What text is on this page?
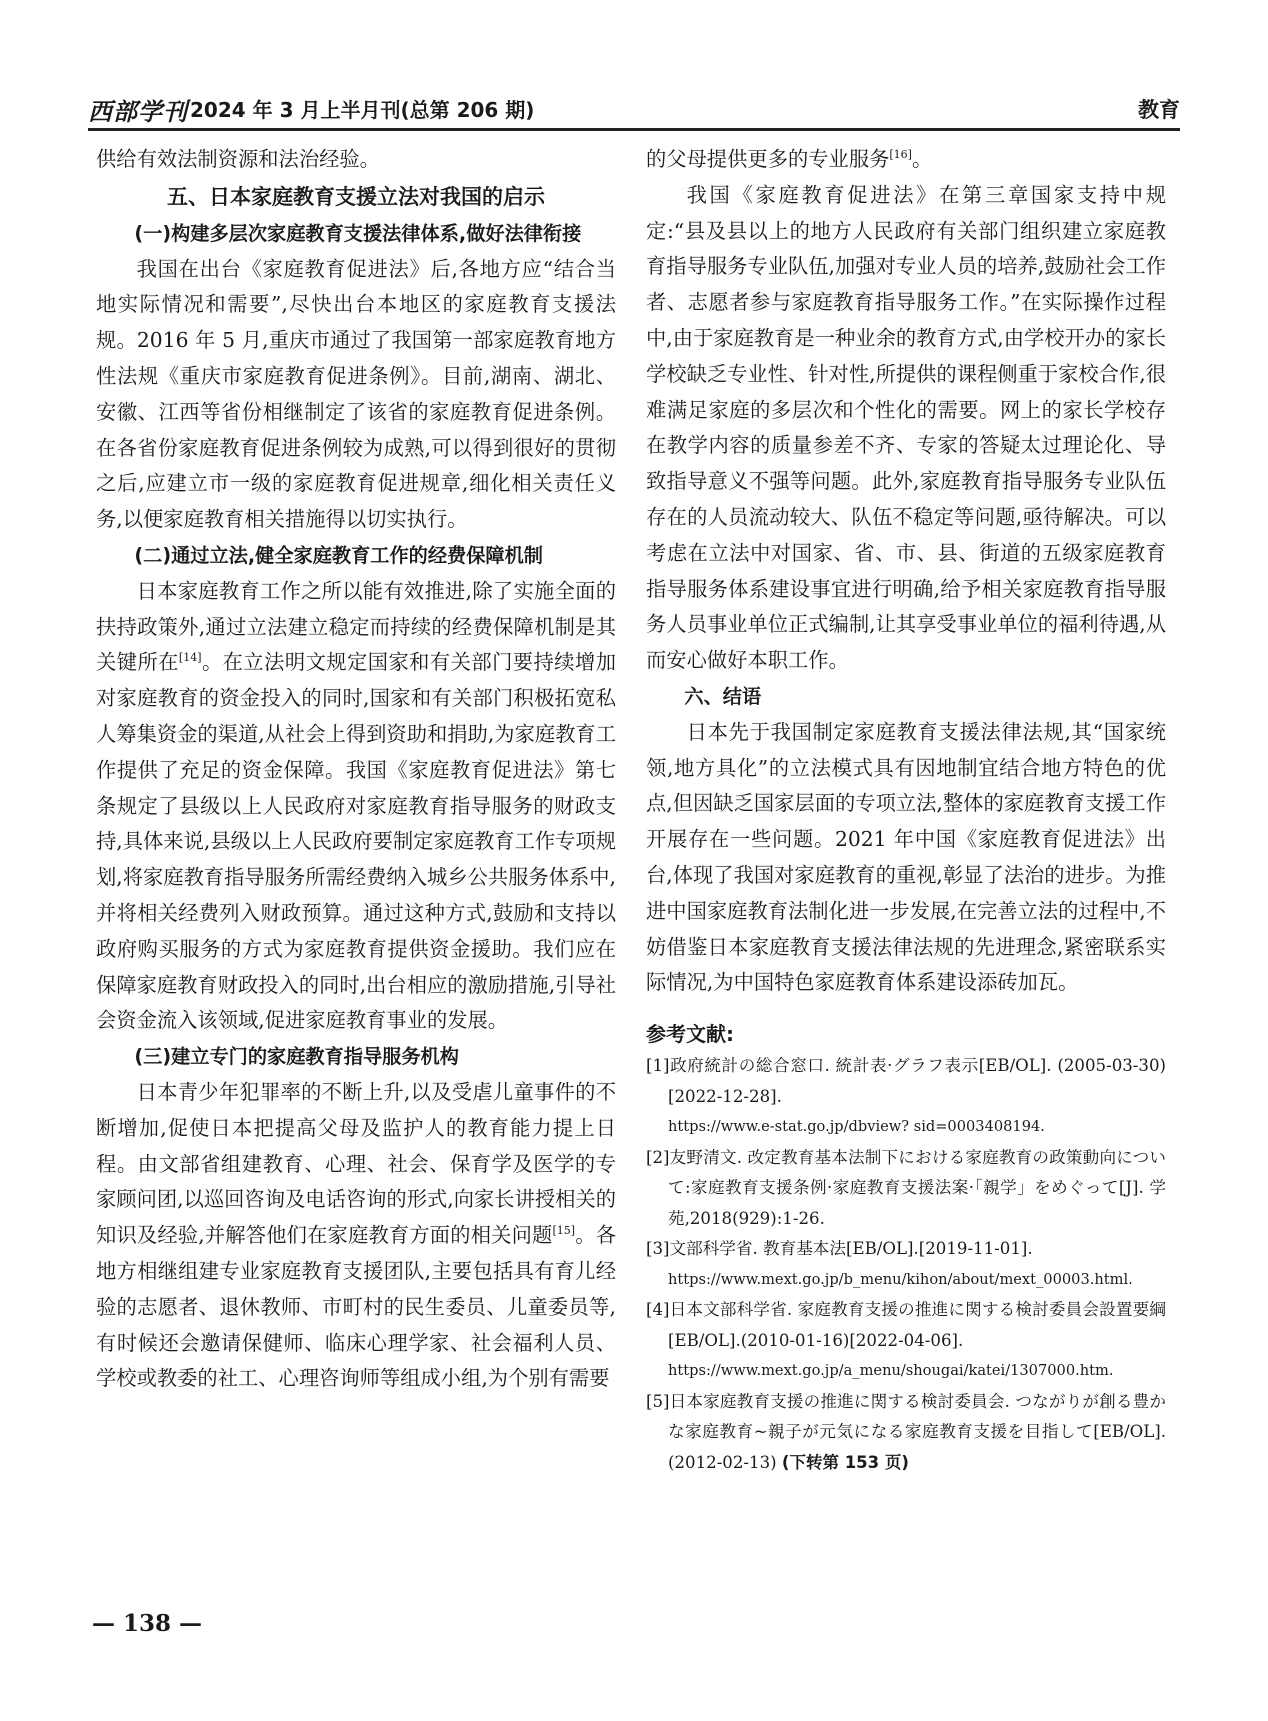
西部学刊 2024 年 3 月上半月刊(总第 206 期)	教育

供给有效法制资源和法治经验。

五、日本家庭教育支援立法对我国的启示
(一)构建多层次家庭教育支援法律体系,做好法律衔接

我国在出台《家庭教育促进法》后,各地方应“结合当地实际情况和需要”,尽快出台本地区的家庭教育支援法规。2016 年 5 月,重庆市通过了我国第一部家庭教育地方性法规《重庆市家庭教育促进条例》。目前,湖南、湖北、安徽、江西等省份相继制定了该省的家庭教育促进条例。在各省份家庭教育促进条例较为成熟,可以得到很好的贯彻之后,应建立市一级的家庭教育促进规章,细化相关责任义务,以便家庭教育相关措施得以切实执行。

(二)通过立法,健全家庭教育工作的经费保障机制

日本家庭教育工作之所以能有效推进,除了实施全面的扶持政策外,通过立法建立稳定而持续的经费保障机制是其关键所在[14]。在立法明文规定国家和有关部门要持续增加对家庭教育的资金投入的同时,国家和有关部门积极拓宽私人筹集资金的渠道,从社会上得到资助和捐助,为家庭教育工作提供了充足的资金保障。我国《家庭教育促进法》第七条规定了县级以上人民政府对家庭教育指导服务的财政支持,具体来说,县级以上人民政府要制定家庭教育工作专项规划,将家庭教育指导服务所需经费纳入城乡公共服务体系中,并将相关经费列入财政预算。通过这种方式,鼓励和支持以政府购买服务的方式为家庭教育提供资金援助。我们应在保障家庭教育财政投入的同时,出台相应的激励措施,引导社会资金流入该领域,促进家庭教育事业的发展。

(三)建立专门的家庭教育指导服务机构

日本青少年犯罪率的不断上升,以及受虐儿童事件的不断增加,促使日本把提高父母及监护人的教育能力提上日程。由文部省组建教育、心理、社会、保育学及医学的专家顾问团,以巡回咨询及电话咨询的形式,向家长讲授相关的知识及经验,并解答他们在家庭教育方面的相关问题[15]。各地方相继组建专业家庭教育支援团队,主要包括具有育儿经验的志愿者、退休教师、市町村的民生委员、儿童委员等,有时候还会邀请保健师、临床心理学家、社会福利人员、学校或教委的社工、心理咨询师等组成小组,为个别有需要

的父母提供更多的专业服务[16]。

我国《家庭教育促进法》在第三章国家支持中规定:“县及县以上的地方人民政府有关部门组织建立家庭教育指导服务专业队伍,加强对专业人员的培养,鼓励社会工作者、志愿者参与家庭教育指导服务工作。”在实际操作过程中,由于家庭教育是一种业余的教育方式,由学校开办的家长学校缺乏专业性、针对性,所提供的课程侧重于家校合作,很难满足家庭的多层次和个性化的需要。网上的家长学校存在教学内容的质量参差不齐、专家的答疑太过理论化、导致指导意义不强等问题。此外,家庭教育指导服务专业队伍存在的人员流动较大、队伍不稳定等问题,亟待解决。可以考虑在立法中对国家、省、市、县、街道的五级家庭教育指导服务体系建设事宜进行明确,给予相关家庭教育指导服务人员事业单位正式编制,让其享受事业单位的福利待遇,从而安心做好本职工作。

六、结语

日本先于我国制定家庭教育支援法律法规,其“国家统领,地方具化”的立法模式具有因地制宜结合地方特色的优点,但因缺乏国家层面的专项立法,整体的家庭教育支援工作开展存在一些问题。2021 年中国《家庭教育促进法》出台,体现了我国对家庭教育的重视,彰显了法治的进步。为推进中国家庭教育法制化进一步发展,在完善立法的过程中,不妨借鉴日本家庭教育支援法律法规的先进理念,紧密联系实际情况,为中国特色家庭教育体系建设添砖加瓦。

参考文献:
[1]政府統計の総合窓口. 統計表·グラフ表示[EB/OL]. (2005-03-30)[2022-12-28].
https://www.e-stat.go.jp/dbview? sid=0003408194.
[2]友野清文. 改定教育基本法制下における家庭教育の政策動向について:家庭教育支援条例·家庭教育支援法案·「親学」をめぐって[J]. 学苑,2018(929):1-26.
[3]文部科学省. 教育基本法[EB/OL].[2019-11-01].
https://www.mext.go.jp/b_menu/kihon/about/mext_00003.html.
[4]日本文部科学省. 家庭教育支援の推進に関する検討委員会設置要綱[EB/OL].(2010-01-16)[2022-04-06].
https://www.mext.go.jp/a_menu/shougai/katei/1307000.htm.
[5]日本家庭教育支援の推進に関する検討委員会. つながりが創る豊かな家庭教育~親子が元気になる家庭教育支援を目指して[EB/OL].(2012-02-13) (下转第 153 页)
— 138 —
